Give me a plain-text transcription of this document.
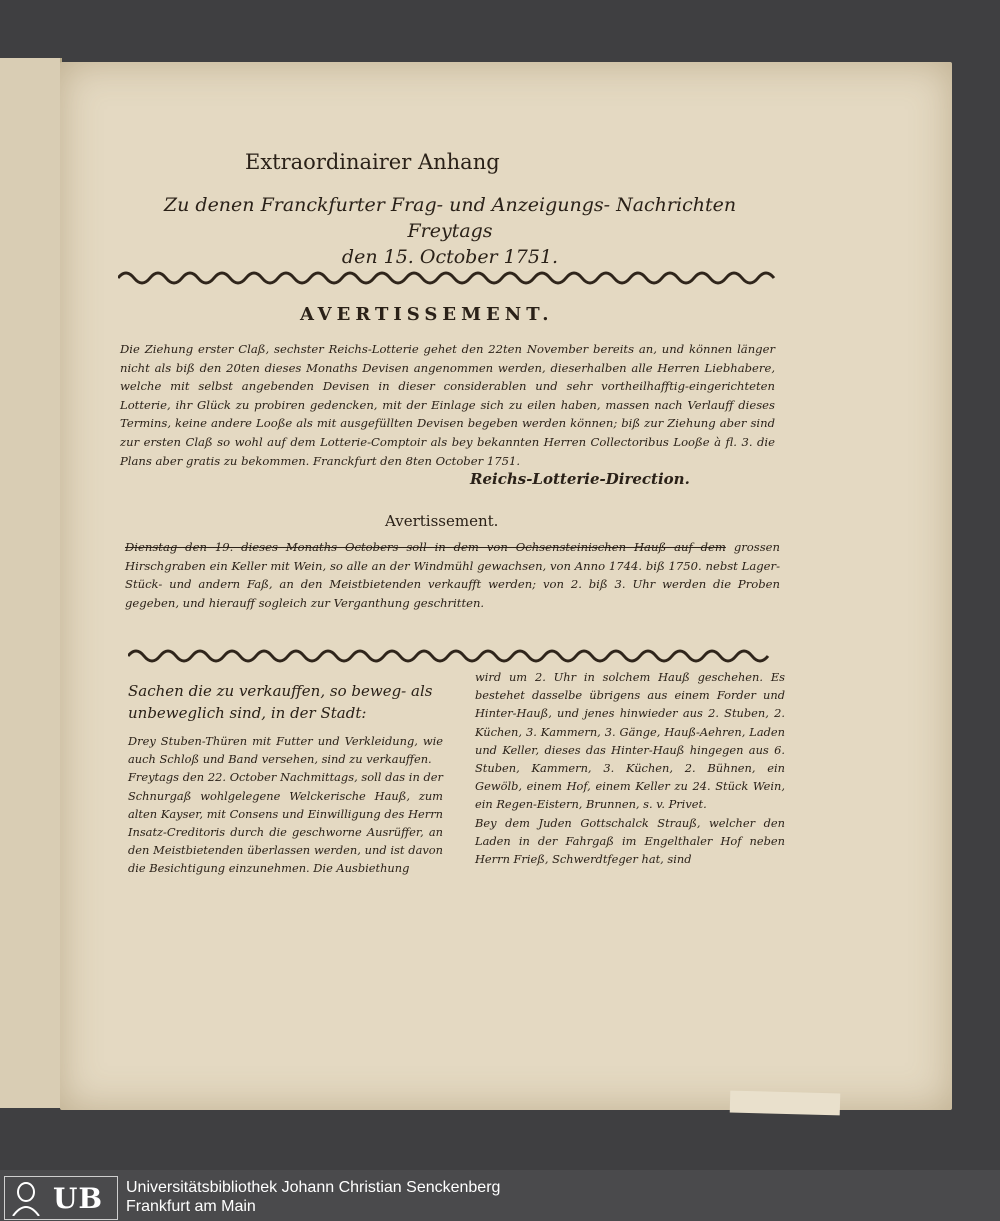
Extraordinairer Anhang
Zu denen Franckfurter Frag- und Anzeigungs- Nachrichten Freytags
den 15. October 1751.
AVERTISSEMENT.
Die Ziehung erster Claß, sechster Reichs-Lotterie gehet den 22ten November bereits an, und können länger nicht als biß den 20ten dieses Monaths Devisen angenommen werden, dieserhalben alle Herren Liebhabere, welche mit selbst angebenden Devisen in dieser considerablen und sehr vortheilhafftig-eingerichteten Lotterie, ihr Glück zu probiren gedencken, mit der Einlage sich zu eilen haben, massen nach Verlauff dieses Termins, keine andere Looße als mit ausgefüllten Devisen begeben werden können; biß zur Ziehung aber sind zur ersten Claß so wohl auf dem Lotterie-Comptoir als bey bekannten Herren Collectoribus Looße à fl. 3. die Plans aber gratis zu bekommen. Franckfurt den 8ten October 1751.
Reichs-Lotterie-Direction.
Avertissement.
Dienstag den 19. dieses Monaths Octobers soll in dem von Ochsensteinischen Hauß auf dem grossen Hirschgraben ein Keller mit Wein, so alle an der Windmühl gewachsen, von Anno 1744. biß 1750. nebst Lager-Stück- und andern Faß, an den Meistbietenden verkaufft werden; von 2. biß 3. Uhr werden die Proben gegeben, und hierauff sogleich zur Verganthung geschritten.
Sachen die zu verkauffen, so beweg- als unbeweglich sind, in der Stadt:
Drey Stuben-Thüren mit Futter und Verkleidung, wie auch Schloß und Band versehen, sind zu verkauffen.
Freytags den 22. October Nachmittags, soll das in der Schnurgaß wohlgelegene Welckerische Hauß, zum alten Kayser, mit Consens und Einwilligung des Herrn Insatz-Creditoris durch die geschworne Ausrüffer, an den Meistbietenden überlassen werden, und ist davon die Besichtigung einzunehmen. Die Ausbiethung
wird um 2. Uhr in solchem Hauß geschehen. Es bestehet dasselbe übrigens aus einem Forder und Hinter-Hauß, und jenes hinwieder aus 2. Stuben, 2. Küchen, 3. Kammern, 3. Gänge, Hauß-Aehren, Laden und Keller, dieses das Hinter-Hauß hingegen aus 6. Stuben, Kammern, 3. Küchen, 2. Bühnen, ein Gewölb, einem Hof, einem Keller zu 24. Stück Wein, ein Regen-Eistern, Brunnen, s. v. Privet.
Bey dem Juden Gottschalck Strauß, welcher den Laden in der Fahrgaß im Engelthaler Hof neben Herrn Frieß, Schwerdtfeger hat, sind
UB Universitätsbibliothek Johann Christian Senckenberg
Frankfurt am Main
